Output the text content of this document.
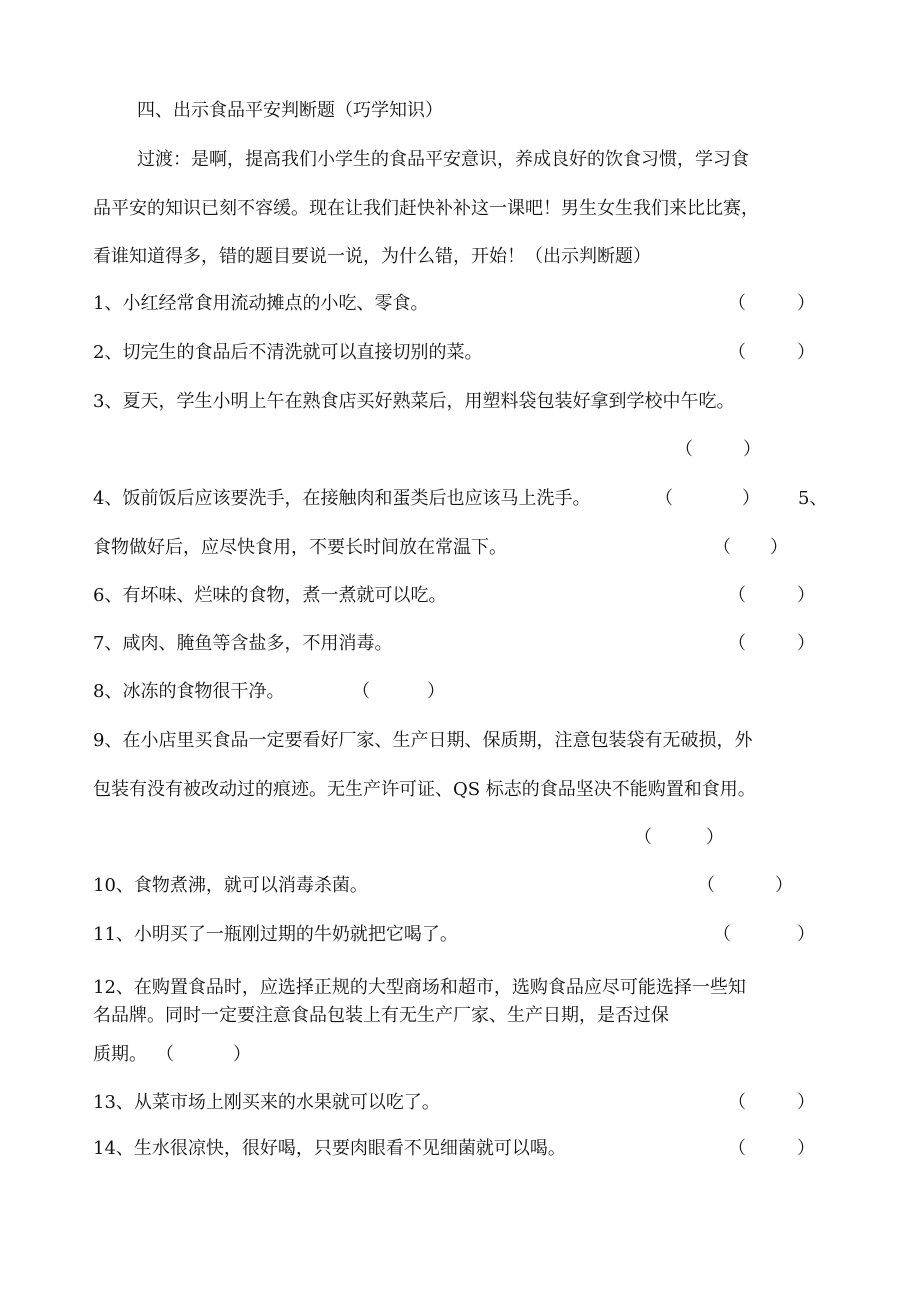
四、出示食品平安判断题（巧学知识）
过渡：是啊，提高我们小学生的食品平安意识，养成良好的饮食习惯，学习食
品平安的知识已刻不容缓。现在让我们赶快补补这一课吧！男生女生我们来比比赛，
看谁知道得多，错的题目要说一说，为什么错，开始！（出示判断题）
1、小红经常食用流动摊点的小吃、零食。	（	）
2、切完生的食品后不清洗就可以直接切别的菜。	（	）
3、夏天，学生小明上午在熟食店买好熟菜后，用塑料袋包装好拿到学校中午吃。
（	）
4、饭前饭后应该要洗手，在接触肉和蛋类后也应该马上洗手。	（	） 5、
食物做好后，应尽快食用，不要长时间放在常温下。	（ ）
6、有坏味、烂味的食物，煮一煮就可以吃。	（	）
7、咸肉、腌鱼等含盐多，不用消毒。	（	）
8、冰冻的食物很干净。	（	）
9、在小店里买食品一定要看好厂家、生产日期、保质期，注意包装袋有无破损，外
包装有没有被改动过的痕迹。无生产许可证、QS 标志的食品坚决不能购置和食用。
（	）
10、食物煮沸，就可以消毒杀菌。	（	）
11、小明买了一瓶刚过期的牛奶就把它喝了。	（	）
12、在购置食品时，应选择正规的大型商场和超市，选购食品应尽可能选择一些知
名品牌。同时一定要注意食品包装上有无生产厂家、生产日期，是否过保
质期。 （	）
13、从菜市场上刚买来的水果就可以吃了。	（	）
14、生水很凉快，很好喝，只要肉眼看不见细菌就可以喝。	（	）
